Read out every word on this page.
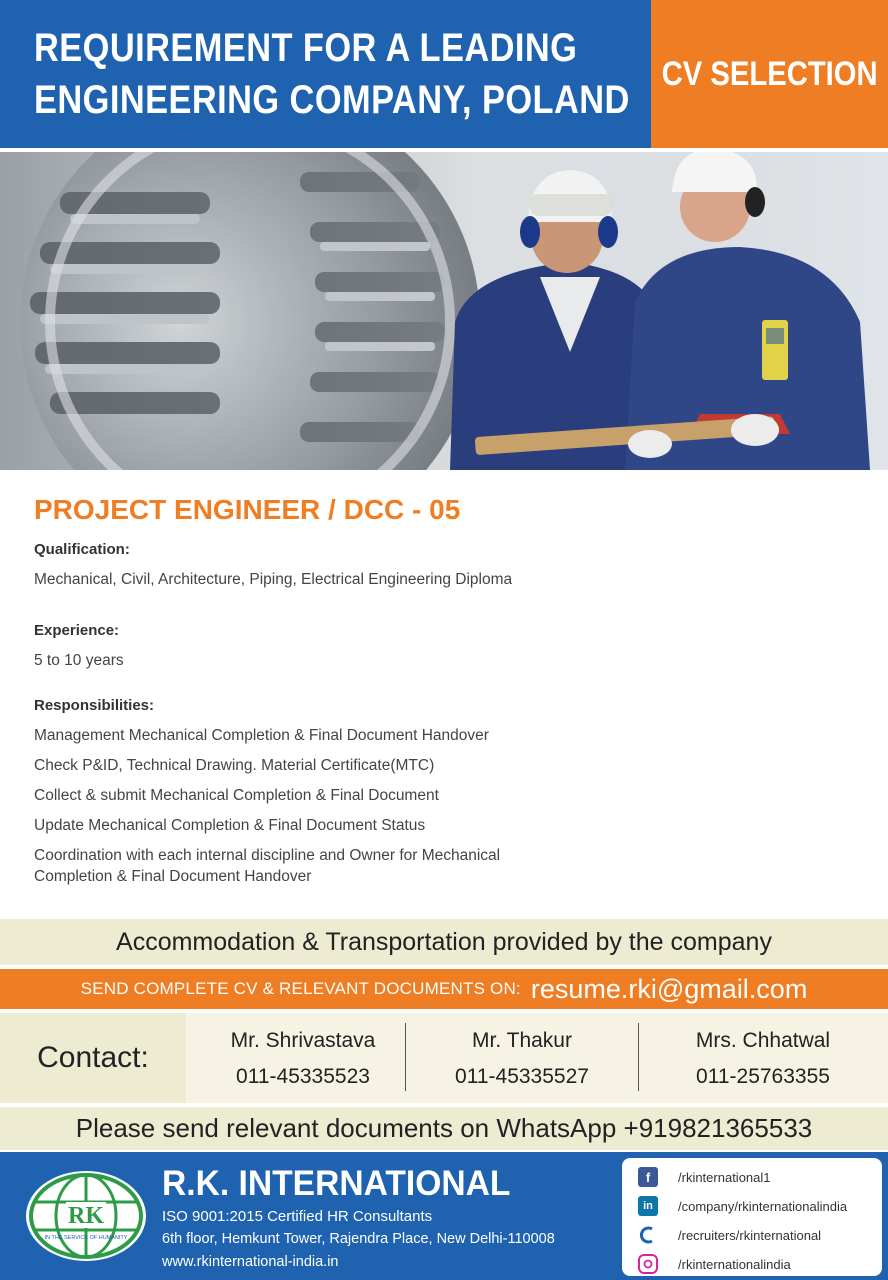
REQUIREMENT FOR A LEADING
ENGINEERING COMPANY, POLAND
CV SELECTION
PROJECT ENGINEER / DCC - 05
Qualification:
Mechanical, Civil, Architecture, Piping, Electrical Engineering Diploma
Experience:
5 to 10 years
Responsibilities:
Management Mechanical Completion & Final Document Handover
Check P&ID, Technical Drawing. Material Certificate(MTC)
Collect & submit Mechanical Completion & Final Document
Update Mechanical Completion & Final Document Status
Coordination with each internal discipline and Owner for Mechanical
Completion & Final Document Handover
Accommodation & Transportation provided by the company
SEND COMPLETE CV & RELEVANT DOCUMENTS ON: resume.rki@gmail.com
Contact:
Mr. Shrivastava
011-45335523
Mr. Thakur
011-45335527
Mrs. Chhatwal
011-25763355
Please send relevant documents on WhatsApp +919821365533
RK
IN THE SERVICE OF HUMANITY
R.K. INTERNATIONAL
ISO 9001:2015 Certified HR Consultants
6th floor, Hemkunt Tower, Rajendra Place, New Delhi-110008
www.rkinternational-india.in
f	/rkinternational1
in	/company/rkinternationalindia
/recruiters/rkinternational
/rkinternationalindia
